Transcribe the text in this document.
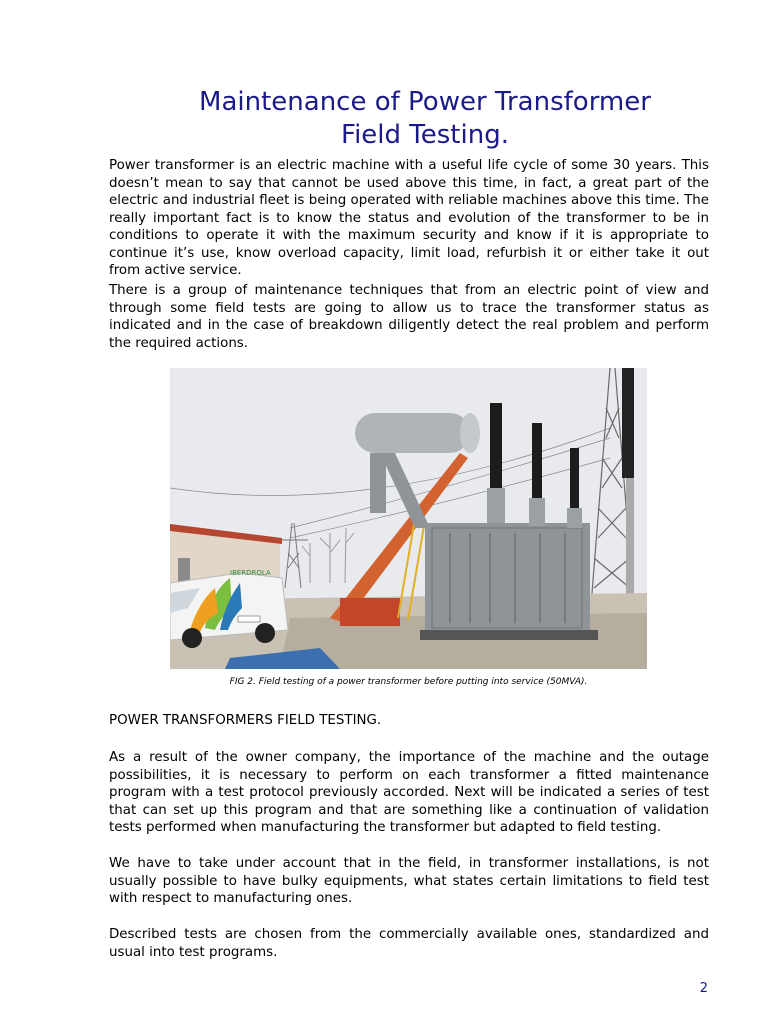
Maintenance of Power Transformer
Field Testing.

Power transformer is an electric machine with a useful life cycle of some 30 years. This doesn’t mean to say that cannot be used above this time, in fact, a great part of the electric and industrial fleet is being operated with reliable machines above this time. The really important fact is to know the status and evolution of the transformer to be in conditions to operate it with the maximum security and know if it is appropriate to continue it’s use, know overload capacity, limit load, refurbish it or either take it out from active service.

There is a group of maintenance techniques that from an electric point of view and through some field tests are going to allow us to trace the transformer status as indicated and in the case of breakdown diligently detect the real problem and perform the required actions.

IBERDROLA

FIG 2. Field testing of a power transformer before putting into service (50MVA).

POWER TRANSFORMERS FIELD TESTING.

As a result of the owner company, the importance of the machine and the outage possibilities, it is necessary to perform on each transformer a fitted maintenance program with a test protocol previously accorded. Next will be indicated a series of test that can set up this program and that are something like a continuation of validation tests performed when manufacturing the transformer but adapted to field testing.

We have to take under account that in the field, in transformer installations, is not usually possible to have bulky equipments, what states certain limitations to field test with respect to manufacturing ones.

Described tests are chosen from the commercially available ones, standardized and usual into test programs.

2
